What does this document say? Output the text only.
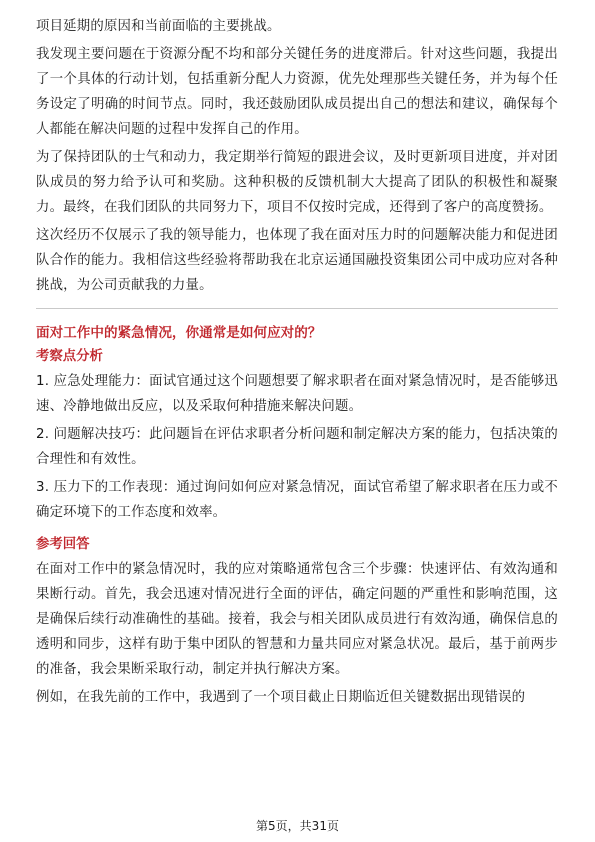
项目延期的原因和当前面临的主要挑战。

我发现主要问题在于资源分配不均和部分关键任务的进度滞后。针对这些问题，我提出了一个具体的行动计划，包括重新分配人力资源，优先处理那些关键任务，并为每个任务设定了明确的时间节点。同时，我还鼓励团队成员提出自己的想法和建议，确保每个人都能在解决问题的过程中发挥自己的作用。

为了保持团队的士气和动力，我定期举行简短的跟进会议，及时更新项目进度，并对团队成员的努力给予认可和奖励。这种积极的反馈机制大大提高了团队的积极性和凝聚力。最终，在我们团队的共同努力下，项目不仅按时完成，还得到了客户的高度赞扬。

这次经历不仅展示了我的领导能力，也体现了我在面对压力时的问题解决能力和促进团队合作的能力。我相信这些经验将帮助我在北京运通国融投资集团公司中成功应对各种挑战，为公司贡献我的力量。

面对工作中的紧急情况，你通常是如何应对的？

考察点分析

1. 应急处理能力：面试官通过这个问题想要了解求职者在面对紧急情况时，是否能够迅速、冷静地做出反应，以及采取何种措施来解决问题。

2. 问题解决技巧：此问题旨在评估求职者分析问题和制定解决方案的能力，包括决策的合理性和有效性。

3. 压力下的工作表现：通过询问如何应对紧急情况，面试官希望了解求职者在压力或不确定环境下的工作态度和效率。

参考回答

在面对工作中的紧急情况时，我的应对策略通常包含三个步骤：快速评估、有效沟通和果断行动。首先，我会迅速对情况进行全面的评估，确定问题的严重性和影响范围，这是确保后续行动准确性的基础。接着，我会与相关团队成员进行有效沟通，确保信息的透明和同步，这样有助于集中团队的智慧和力量共同应对紧急状况。最后，基于前两步的准备，我会果断采取行动，制定并执行解决方案。

例如，在我先前的工作中，我遇到了一个项目截止日期临近但关键数据出现错误的

第5页，共31页
